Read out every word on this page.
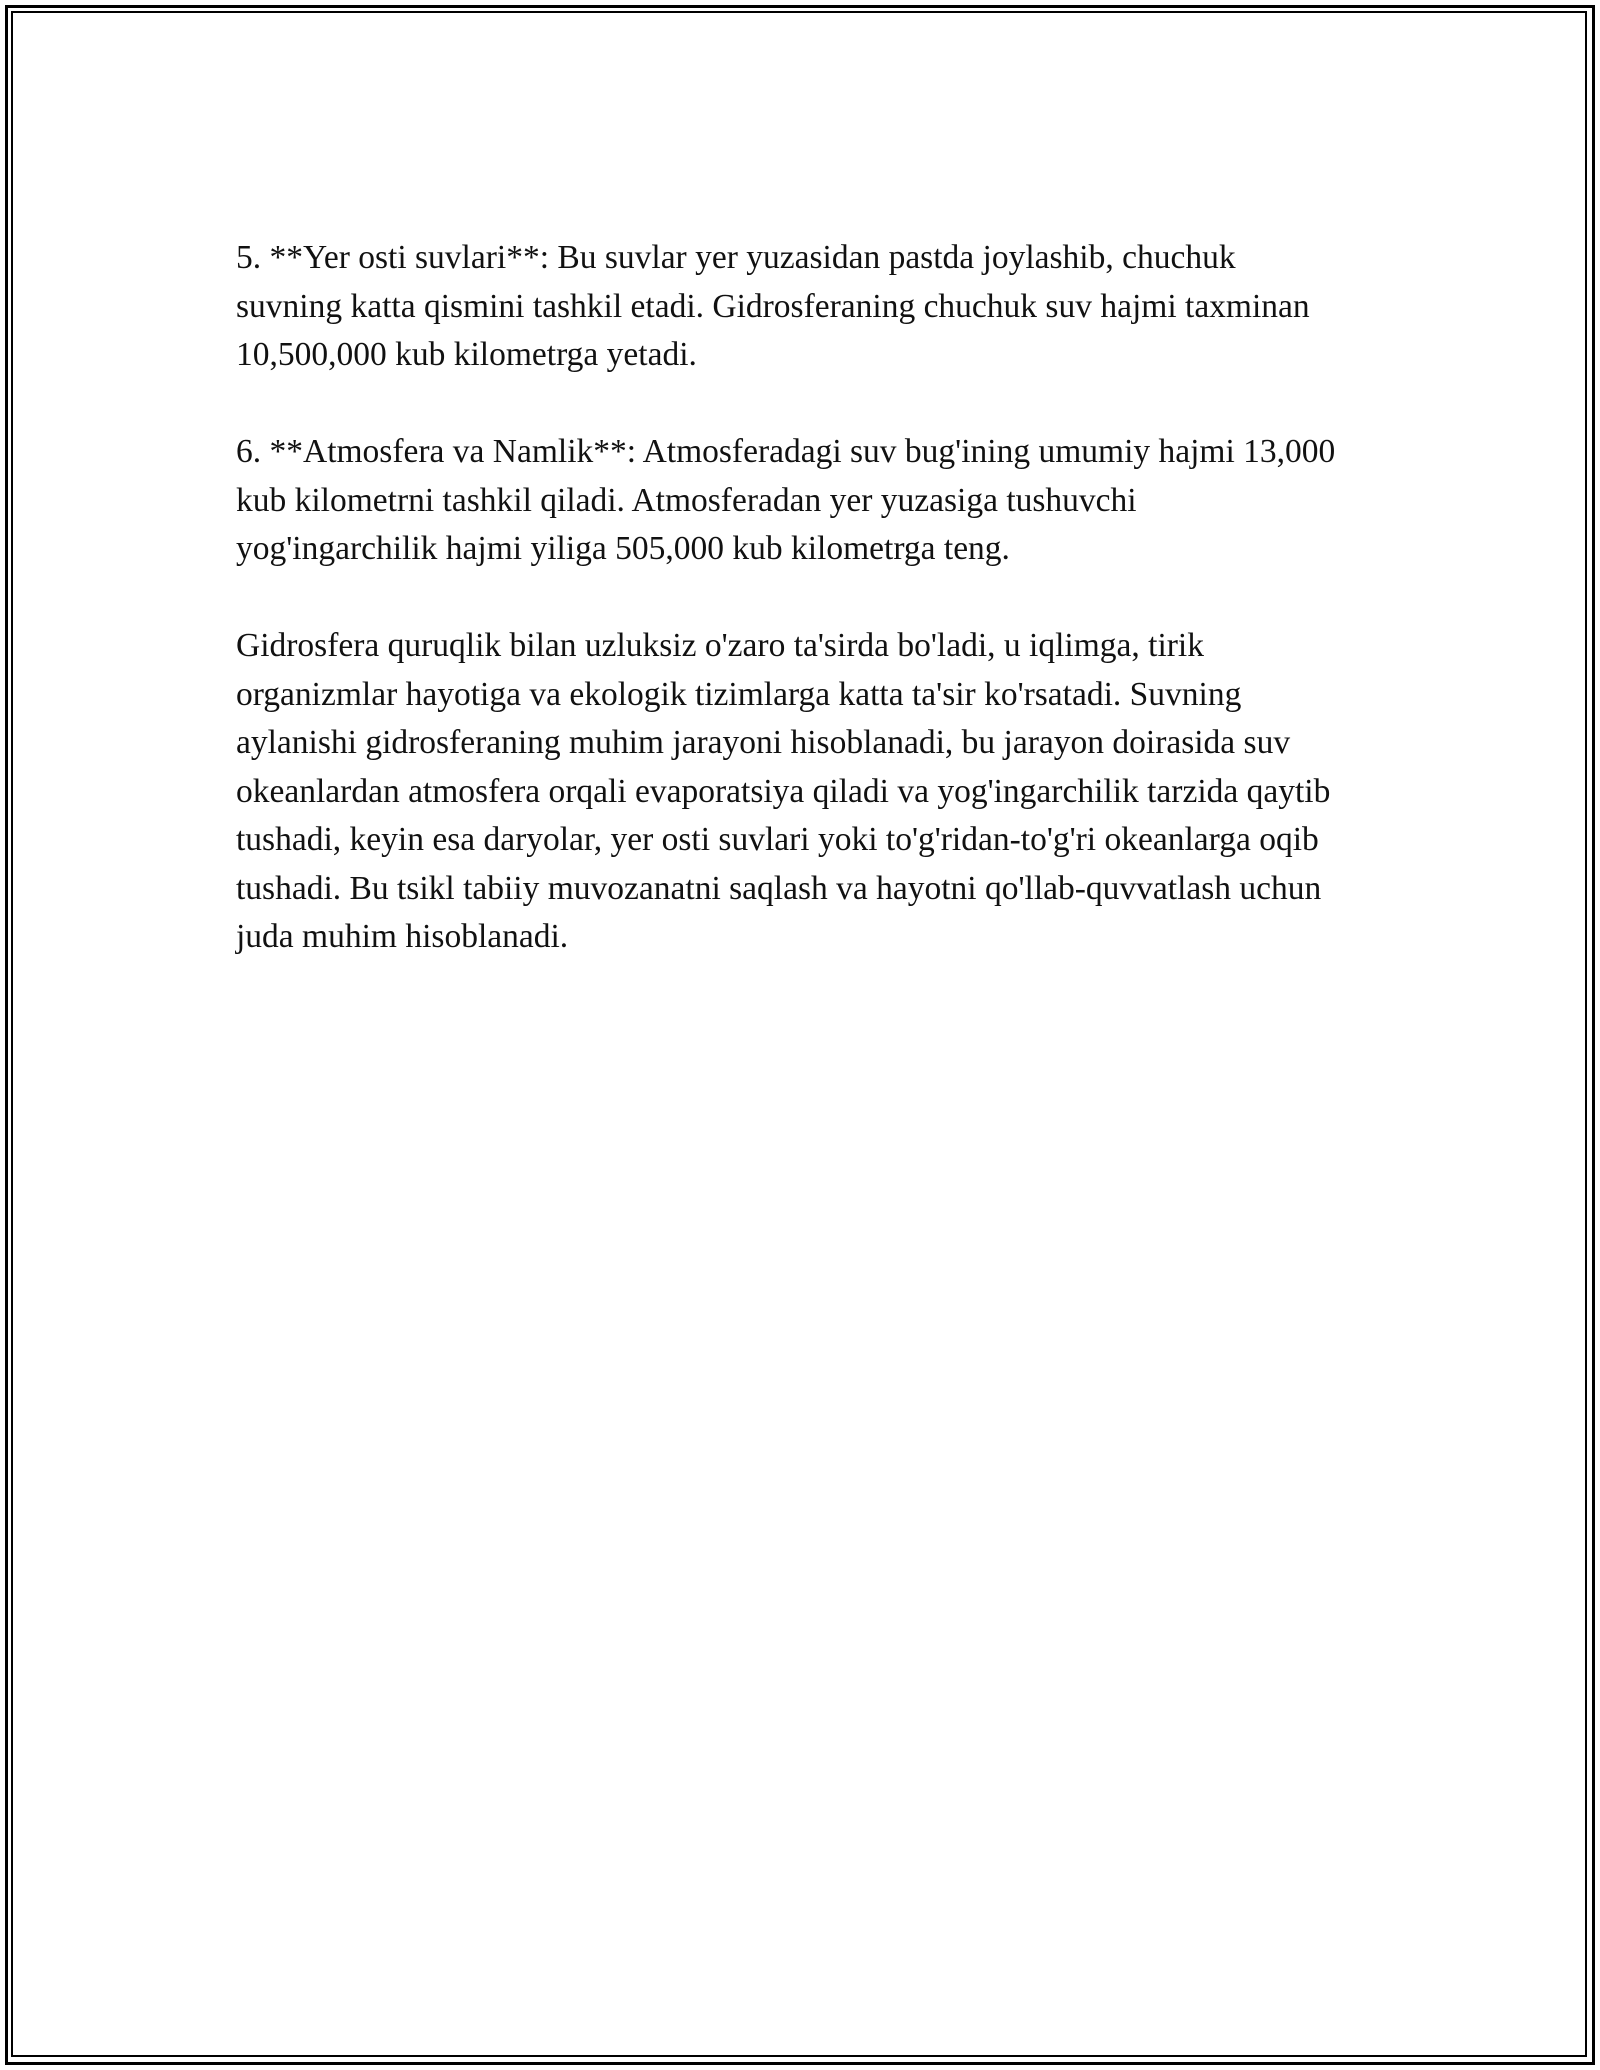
5. **Yer osti suvlari**: Bu suvlar yer yuzasidan pastda joylashib, chuchuk suvning katta qismini tashkil etadi. Gidrosferaning chuchuk suv hajmi taxminan 10,500,000 kub kilometrga yetadi.

6. **Atmosfera va Namlik**: Atmosferadagi suv bug'ining umumiy hajmi 13,000 kub kilometrni tashkil qiladi. Atmosferadan yer yuzasiga tushuvchi yog'ingarchilik hajmi yiliga 505,000 kub kilometrga teng.

Gidrosfera quruqlik bilan uzluksiz o'zaro ta'sirda bo'ladi, u iqlimga, tirik organizmlar hayotiga va ekologik tizimlarga katta ta'sir ko'rsatadi. Suvning aylanishi gidrosferaning muhim jarayoni hisoblanadi, bu jarayon doirasida suv okeanlardan atmosfera orqali evaporatsiya qiladi va yog'ingarchilik tarzida qaytib tushadi, keyin esa daryolar, yer osti suvlari yoki to'g'ridan-to'g'ri okeanlarga oqib tushadi. Bu tsikl tabiiy muvozanatni saqlash va hayotni qo'llab-quvvatlash uchun juda muhim hisoblanadi.
